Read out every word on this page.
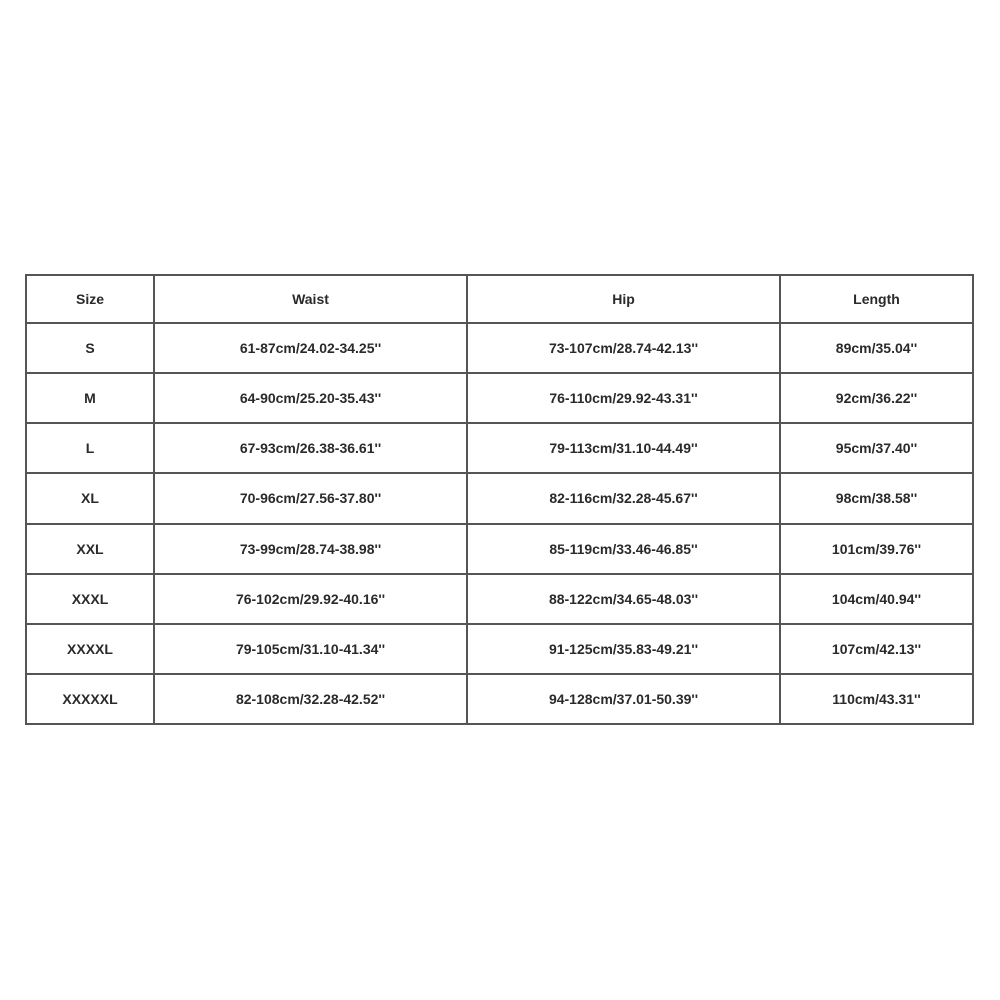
Size	Waist	Hip	Length
S	61-87cm/24.02-34.25''	73-107cm/28.74-42.13''	89cm/35.04''
M	64-90cm/25.20-35.43''	76-110cm/29.92-43.31''	92cm/36.22''
L	67-93cm/26.38-36.61''	79-113cm/31.10-44.49''	95cm/37.40''
XL	70-96cm/27.56-37.80''	82-116cm/32.28-45.67''	98cm/38.58''
XXL	73-99cm/28.74-38.98''	85-119cm/33.46-46.85''	101cm/39.76''
XXXL	76-102cm/29.92-40.16''	88-122cm/34.65-48.03''	104cm/40.94''
XXXXL	79-105cm/31.10-41.34''	91-125cm/35.83-49.21''	107cm/42.13''
XXXXXL	82-108cm/32.28-42.52''	94-128cm/37.01-50.39''	110cm/43.31''
